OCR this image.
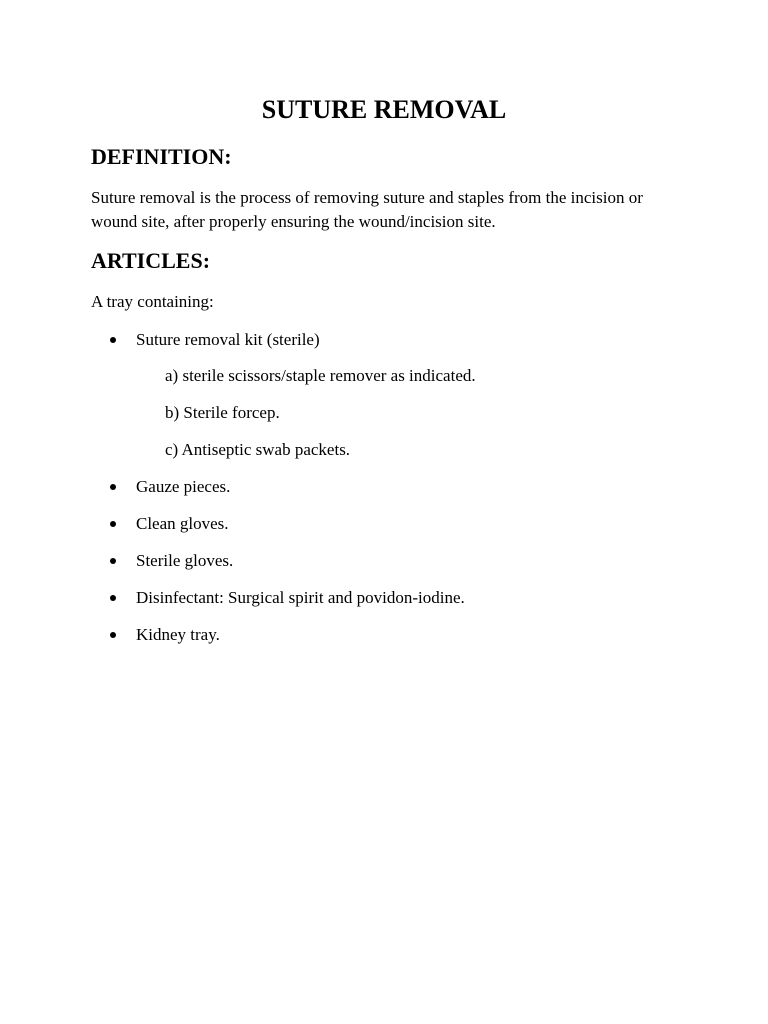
SUTURE REMOVAL
DEFINITION:
Suture removal is the process of removing suture and staples from the incision or
wound site, after properly ensuring the wound/incision site.
ARTICLES:
A tray containing:
Suture removal kit (sterile)
a) sterile scissors/staple remover as indicated.
b) Sterile forcep.
c) Antiseptic swab packets.
Gauze pieces.
Clean gloves.
Sterile gloves.
Disinfectant: Surgical spirit and povidon-iodine.
Kidney tray.
